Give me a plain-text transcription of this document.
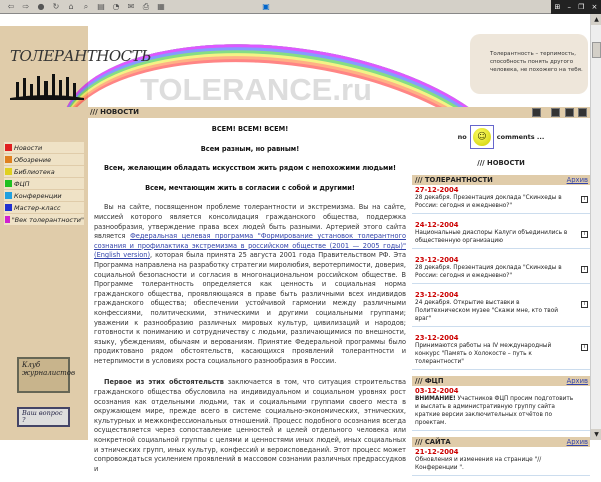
⇦ ⇨ ● ↻	⌂	⌕	▤ ◔ ✉ ⎙ ▦	▣	⊞ – ❐ ×
ТОЛЕРАНТНОСТЬ
TOLERANCE.ru
Толерантность – терпимость, способность понять другого человека, не похожего на тебя.
Новости
Обозрение
Библиотека
ФЦП
Конференции
Мастер-класс
"Век толерантности"
Клуб журналистов
Ваш вопрос ?
/// НОВОСТИ
ВСЕМ! ВСЕМ! ВСЕМ!
Всем разным, но равным!
Всем, желающим обладать искусством жить рядом с непохожими людьми!
Всем, мечтающим жить в согласии с собой и другими!

Вы на сайте, посвященном проблеме толерантности и экстремизма. Вы на сайте, миссией которого является консолидация гражданского общества, поддержка разнообразия, утверждение права всех людей быть разными. Артерией этого сайта является Федеральная целевая программа "Формирование установок толерантного сознания и профилактика экстремизма в российском обществе (2001 — 2005 годы)"(English version), которая была принята 25 августа 2001 года Правительством РФ. Эта Программа направлена на разработку стратегии миролюбия, веротерпимости, доверия, социальной безопасности и согласия в многонациональном российском обществе. В Программе толерантность определяется как ценность и социальная норма гражданского общества, проявляющаяся в праве быть различными всех индивидов гражданского общества; обеспечении устойчивой гармонии между различными конфессиями, политическими, этническими и другими социальными группами; уважении к разнообразию различных мировых культур, цивилизаций и народов; готовности к пониманию и сотрудничеству с людьми, различающимися по внешности, языку, убеждениям, обычаям и верованиям. Принятие Федеральной программы было продиктовано рядом обстоятельств, касающихся проявлений толерантности и нетерпимости в условиях роста социального разнообразия в России.

Первое из этих обстоятельств заключается в том, что ситуация строительства гражданского общества обусловила на индивидуальном и социальном уровнях рост осознания как отдельными людьми, так и социальными группами своего места в окружающем мире, прежде всего в системе социально-экономических, этнических, культурных и межконфессиональных отношений. Процесс подобного осознания всегда осуществляется через сопоставление ценностей и целей отдельного человека или конкретной социальной группы с целями и ценностями иных людей, иных социальных и этнических групп, иных культур, конфессий и вероисповеданий. Этот процесс может сопровождаться усилением проявлений в массовом сознании различных предрассудков и

no	☺	comments ...
/// НОВОСТИ
/// ТОЛЕРАНТНОСТИ	Архив
27-12-2004
28 декабря. Презентация доклада "Скинхеды в России: сегодня и ежедневно?"
i
24-12-2004
Национальные диаспоры Калуги объединились в общественную организацию
i
23-12-2004
28 декабря. Презентация доклада "Скинхеды в России: сегодня и ежедневно?"
i
23-12-2004
24 декабря. Открытие выставки в Политехническом музее "Скажи мне, кто твой враг"
i
23-12-2004
Принимаются работы на IV международный конкурс "Память о Холокосте – путь к толерантности"
i
/// ФЦП	Архив
03-12-2004
ВНИМАНИЕ! Участников ФЦП просим подготовить и выслать в административную группу сайта краткие версии заключительных отчётов по проектам.
/// САЙТА	Архив
21-12-2004
Обновления и изменения на странице "// Конференции ".
▲
▼
